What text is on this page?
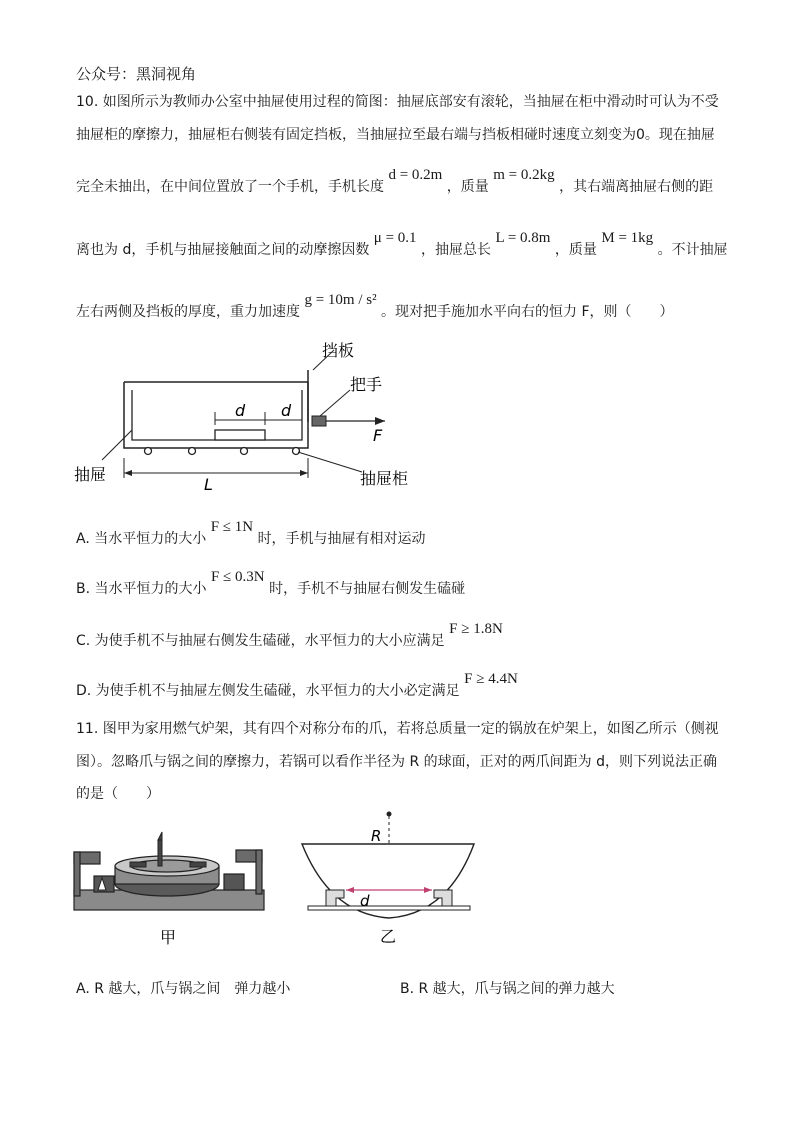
公众号：黑洞视角
10. 如图所示为教师办公室中抽屉使用过程的简图：抽屉底部安有滚轮，当抽屉在柜中滑动时可认为不受
抽屉柜的摩擦力，抽屉柜右侧装有固定挡板，当抽屉拉至最右端与挡板相碰时速度立刻变为0。现在抽屉
完全未抽出，在中间位置放了一个手机，手机长度 d = 0.2m ，质量 m = 0.2kg ，其右端离抽屉右侧的距
离也为 d，手机与抽屉接触面之间的动摩擦因数 μ = 0.1 ，抽屉总长 L = 0.8m ，质量 M = 1kg 。不计抽屉
左右两侧及挡板的厚度，重力加速度 g = 10m / s² 。现对把手施加水平向右的恒力 F，则（　　）
挡板
把手
F
d d
抽屉
L	抽屉柜
A. 当水平恒力的大小 F ≤ 1N 时，手机与抽屉有相对运动
B. 当水平恒力的大小 F ≤ 0.3N 时，手机不与抽屉右侧发生磕碰
C. 为使手机不与抽屉右侧发生磕碰，水平恒力的大小应满足 F ≥ 1.8N
D. 为使手机不与抽屉左侧发生磕碰，水平恒力的大小必定满足 F ≥ 4.4N
11. 图甲为家用燃气炉架，其有四个对称分布的爪，若将总质量一定的锅放在炉架上，如图乙所示（侧视
图）。忽略爪与锅之间的摩擦力，若锅可以看作半径为 R 的球面，正对的两爪间距为 d，则下列说法正确
的是（　　）
甲
R
d
乙
A. R 越大，爪与锅之间　弹力越小	B. R 越大，爪与锅之间的弹力越大
